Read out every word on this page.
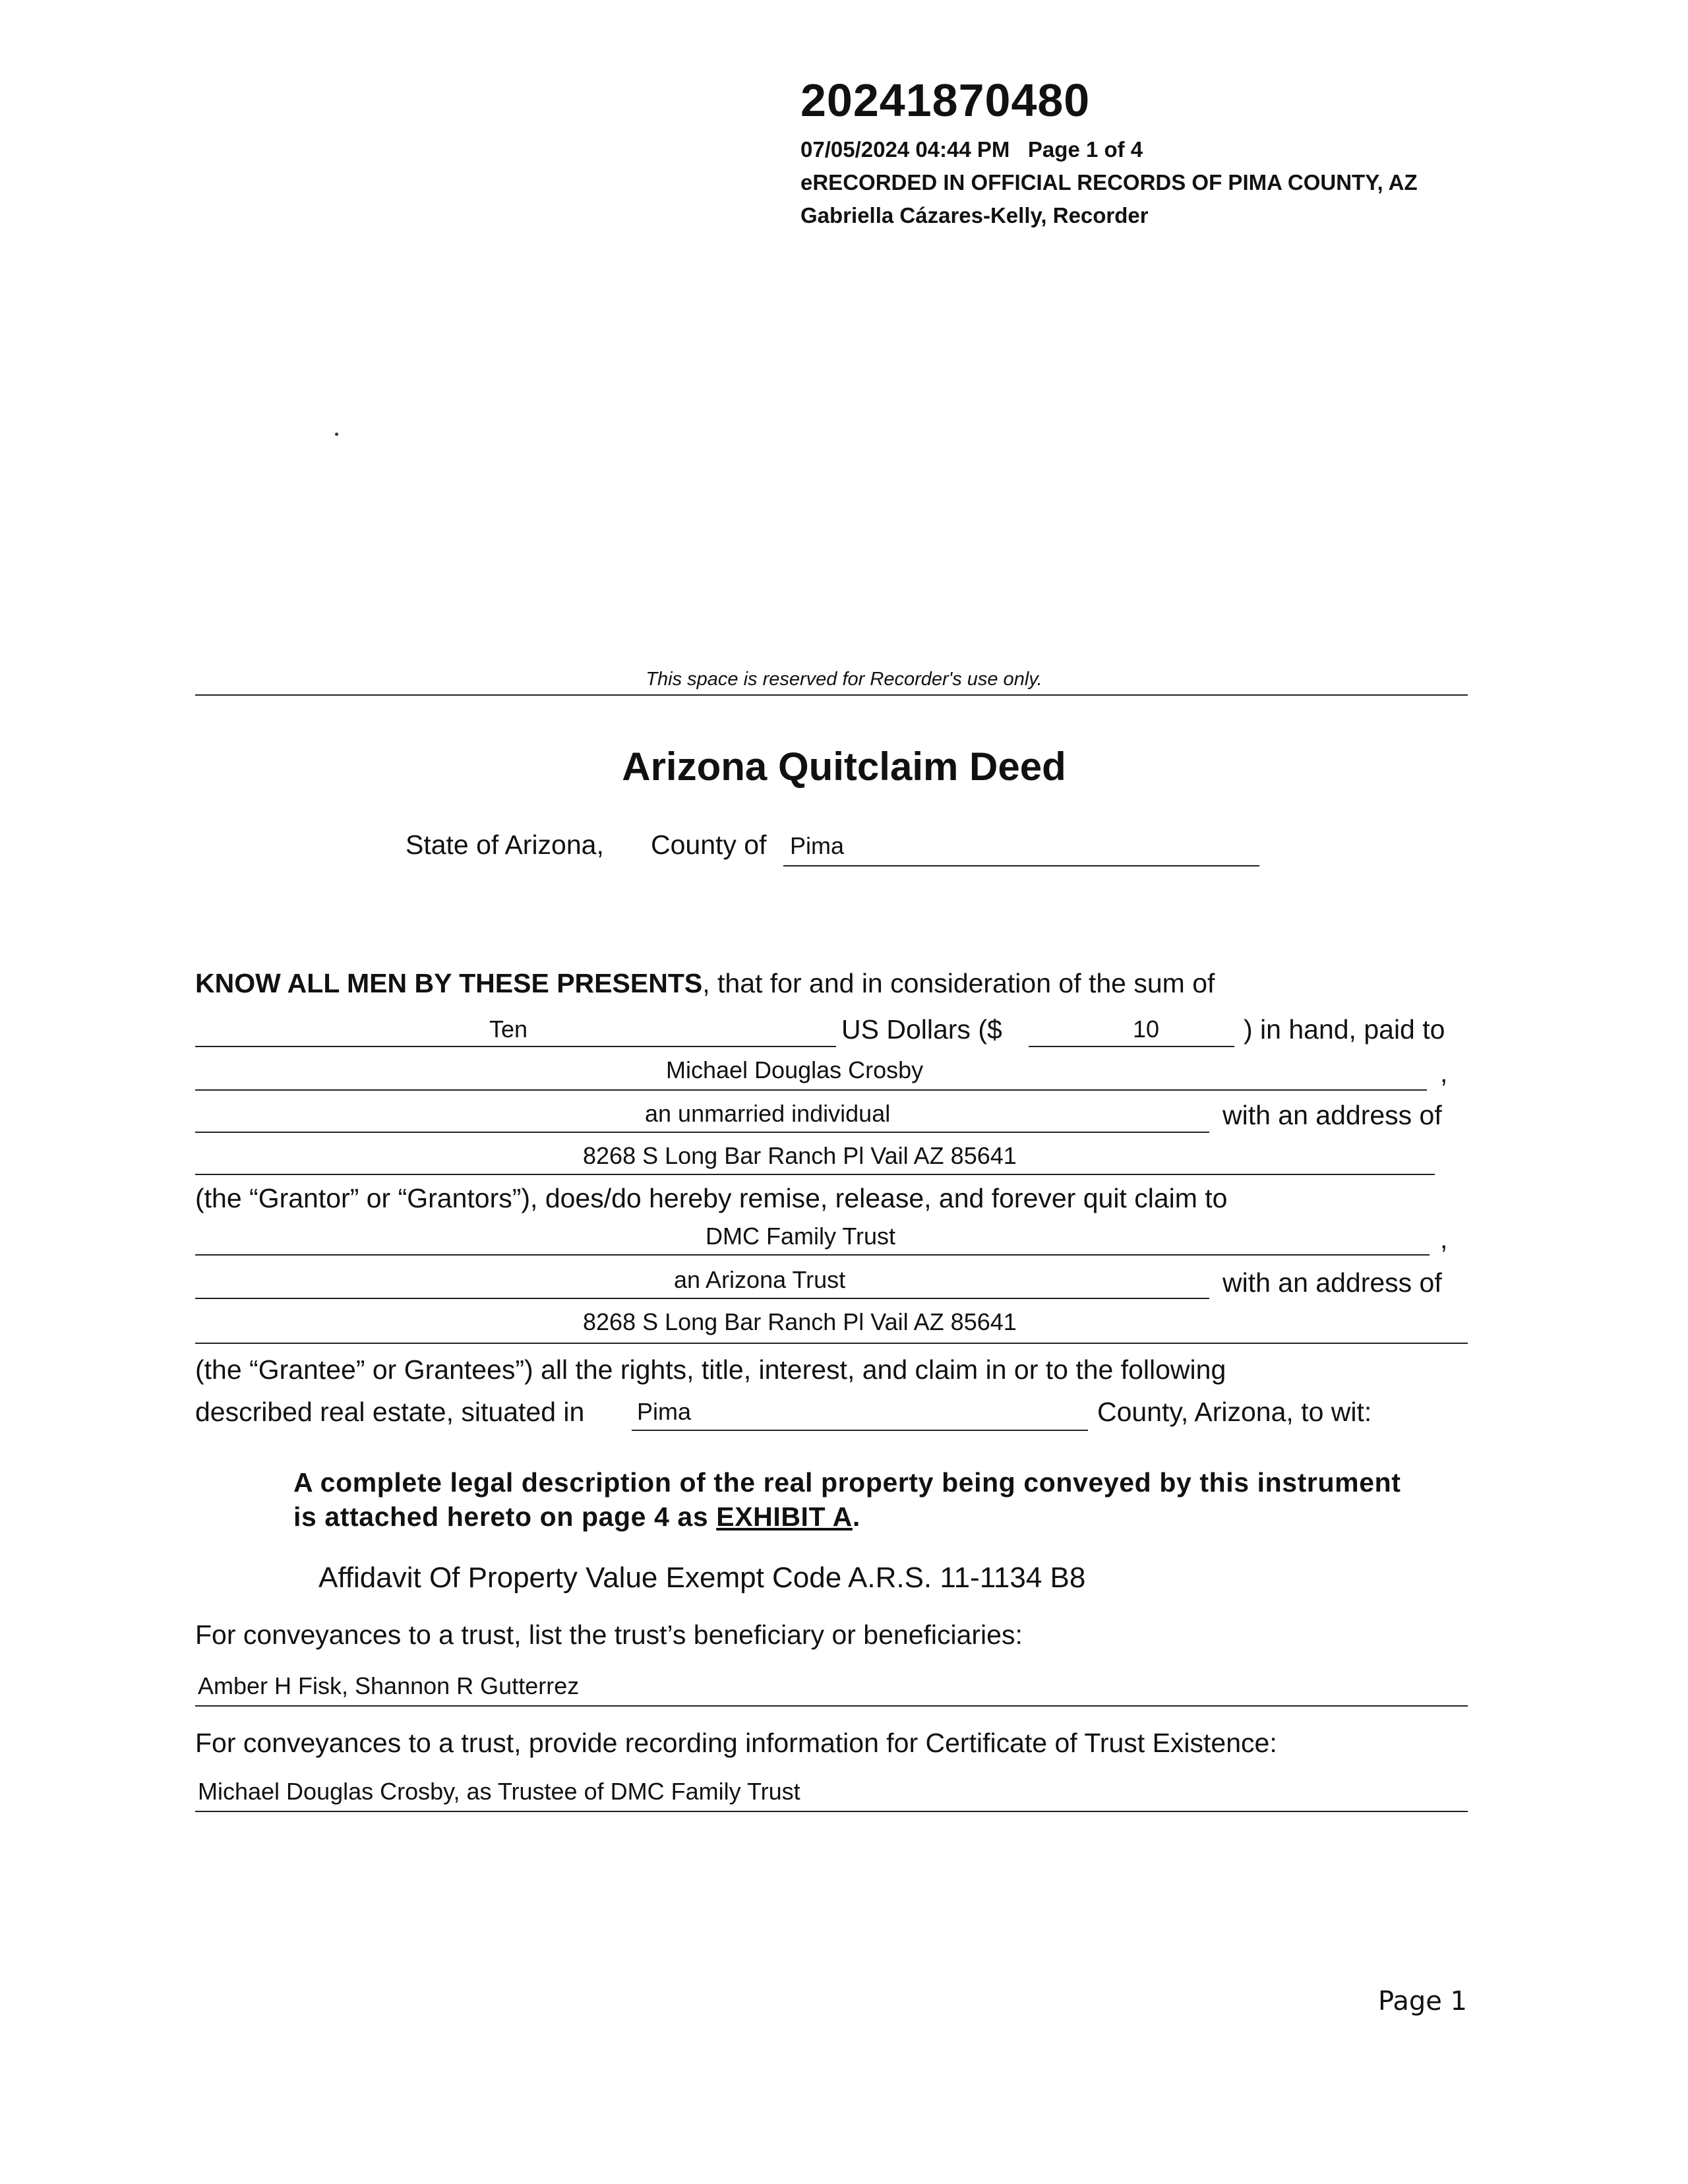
20241870480
07/05/2024 04:44 PM Page 1 of 4
eRECORDED IN OFFICIAL RECORDS OF PIMA COUNTY, AZ
Gabriella Cázares-Kelly, Recorder
This space is reserved for Recorder's use only.
Arizona Quitclaim Deed
State of Arizona, County of Pima
KNOW ALL MEN BY THESE PRESENTS, that for and in consideration of the sum of
Ten	US Dollars ($	10	) in hand, paid to
Michael Douglas Crosby	,
an unmarried individual	with an address of
8268 S Long Bar Ranch Pl Vail AZ 85641
(the “Grantor” or “Grantors”), does/do hereby remise, release, and forever quit claim to
DMC Family Trust	,
an Arizona Trust	with an address of
8268 S Long Bar Ranch Pl Vail AZ 85641
(the “Grantee” or Grantees”) all the rights, title, interest, and claim in or to the following
described real estate, situated in Pima	County, Arizona, to wit:
A complete legal description of the real property being conveyed by this instrument is attached hereto on page 4 as EXHIBIT A.
Affidavit Of Property Value Exempt Code A.R.S. 11-1134 B8
For conveyances to a trust, list the trust’s beneficiary or beneficiaries:
Amber H Fisk, Shannon R Gutterrez
For conveyances to a trust, provide recording information for Certificate of Trust Existence:
Michael Douglas Crosby, as Trustee of DMC Family Trust
Page 1
